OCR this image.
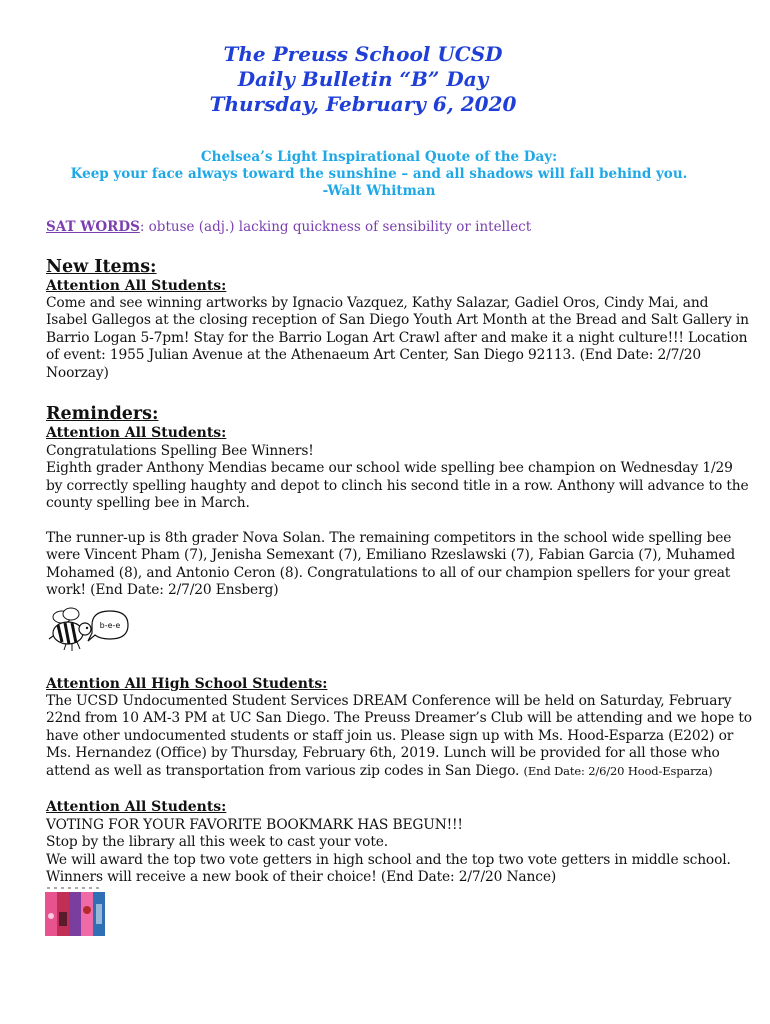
The Preuss School UCSD
Daily Bulletin “B” Day
Thursday, February 6, 2020
Chelsea’s Light Inspirational Quote of the Day:
Keep your face always toward the sunshine – and all shadows will fall behind you.
-Walt Whitman
SAT WORDS: obtuse (adj.) lacking quickness of sensibility or intellect
New Items:
Attention All Students:
Come and see winning artworks by Ignacio Vazquez, Kathy Salazar, Gadiel Oros, Cindy Mai, and
Isabel Gallegos at the closing reception of San Diego Youth Art Month at the Bread and Salt Gallery in
Barrio Logan 5-7pm! Stay for the Barrio Logan Art Crawl after and make it a night culture!!! Location
of event: 1955 Julian Avenue at the Athenaeum Art Center, San Diego 92113. (End Date: 2/7/20
Noorzay)
Reminders:
Attention All Students:
Congratulations Spelling Bee Winners!
Eighth grader Anthony Mendias became our school wide spelling bee champion on Wednesday 1/29
by correctly spelling haughty and depot to clinch his second title in a row. Anthony will advance to the
county spelling bee in March.
The runner-up is 8th grader Nova Solan. The remaining competitors in the school wide spelling bee
were Vincent Pham (7), Jenisha Semexant (7), Emiliano Rzeslawski (7), Fabian Garcia (7), Muhamed
Mohamed (8), and Antonio Ceron (8). Congratulations to all of our champion spellers for your great
work! (End Date: 2/7/20 Ensberg)
b-e-e
Attention All High School Students:
The UCSD Undocumented Student Services DREAM Conference will be held on Saturday, February
22nd from 10 AM-3 PM at UC San Diego. The Preuss Dreamer’s Club will be attending and we hope to
have other undocumented students or staff join us. Please sign up with Ms. Hood-Esparza (E202) or
Ms. Hernandez (Office) by Thursday, February 6th, 2019. Lunch will be provided for all those who
attend as well as transportation from various zip codes in San Diego. (End Date: 2/6/20 Hood-Esparza)
Attention All Students:
VOTING FOR YOUR FAVORITE BOOKMARK HAS BEGUN!!!
Stop by the library all this week to cast your vote.
We will award the top two vote getters in high school and the top two vote getters in middle school.
Winners will receive a new book of their choice! (End Date: 2/7/20 Nance)
